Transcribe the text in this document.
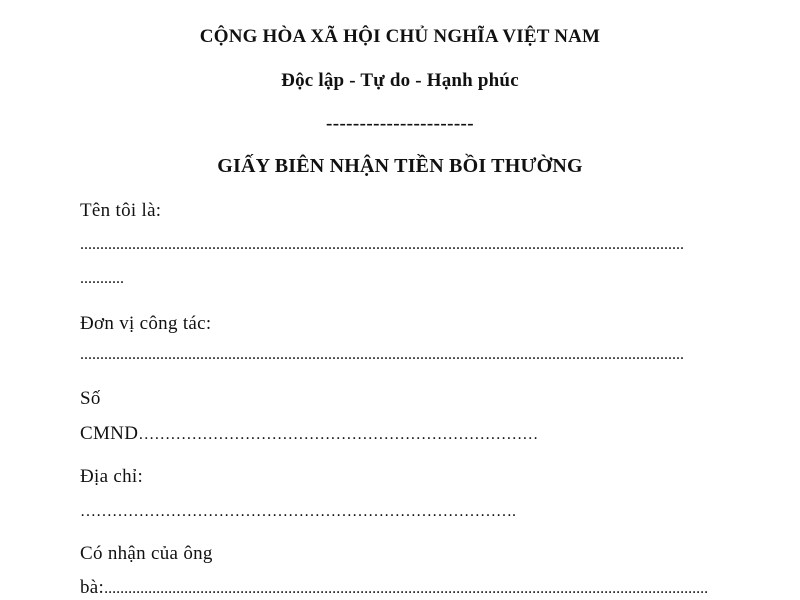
CỘNG HÒA XÃ HỘI CHỦ NGHĨA VIỆT NAM
Độc lập - Tự do - Hạnh phúc
----------------------
GIẤY BIÊN NHẬN TIỀN BỒI THƯỜNG
Tên tôi là:
.......................................................................................................................................................
...........
Đơn vị công tác:
.......................................................................................................................................................
Số
CMND…………………………………………………………………
Địa chỉ:
……………………………………………………………………….
Có nhận của ông
bà:.......................................................................................................................................................
